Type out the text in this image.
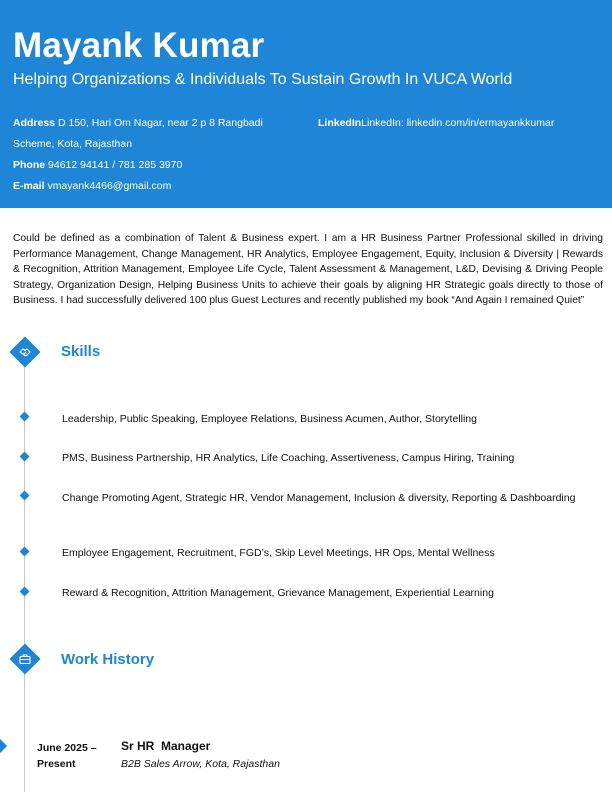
Mayank Kumar

Helping Organizations & Individuals To Sustain Growth In VUCA World

Address D 150, Hari Om Nagar, near 2 p 8 Rangbadi
Scheme, Kota, Rajasthan
Phone 94612 94141 / 781 285 3970
E-mail vmayank4466@gmail.com
LinkedInLinkedIn: linkedin.com/in/ermayankkumar

Could be defined as a combination of Talent & Business expert. I am a HR Business Partner Professional skilled in driving Performance Management, Change Management, HR Analytics, Employee Engagement, Equity, Inclusion & Diversity | Rewards & Recognition, Attrition Management, Employee Life Cycle, Talent Assessment & Management, L&D, Devising & Driving People Strategy, Organization Design, Helping Business Units to achieve their goals by aligning HR Strategic goals directly to those of Business. I had successfully delivered 100 plus Guest Lectures and recently published my book “And Again I remained Quiet”

Skills

Leadership, Public Speaking, Employee Relations, Business Acumen, Author, Storytelling

PMS, Business Partnership, HR Analytics, Life Coaching, Assertiveness, Campus Hiring, Training

Change Promoting Agent, Strategic HR, Vendor Management, Inclusion & diversity, Reporting & Dashboarding

Employee Engagement, Recruitment, FGD’s, Skip Level Meetings, HR Ops, Mental Wellness

Reward & Recognition, Attrition Management, Grievance Management, Experiential Learning

Work History

June 2025 – Present

Sr HR  Manager

B2B Sales Arrow, Kota, Rajasthan
